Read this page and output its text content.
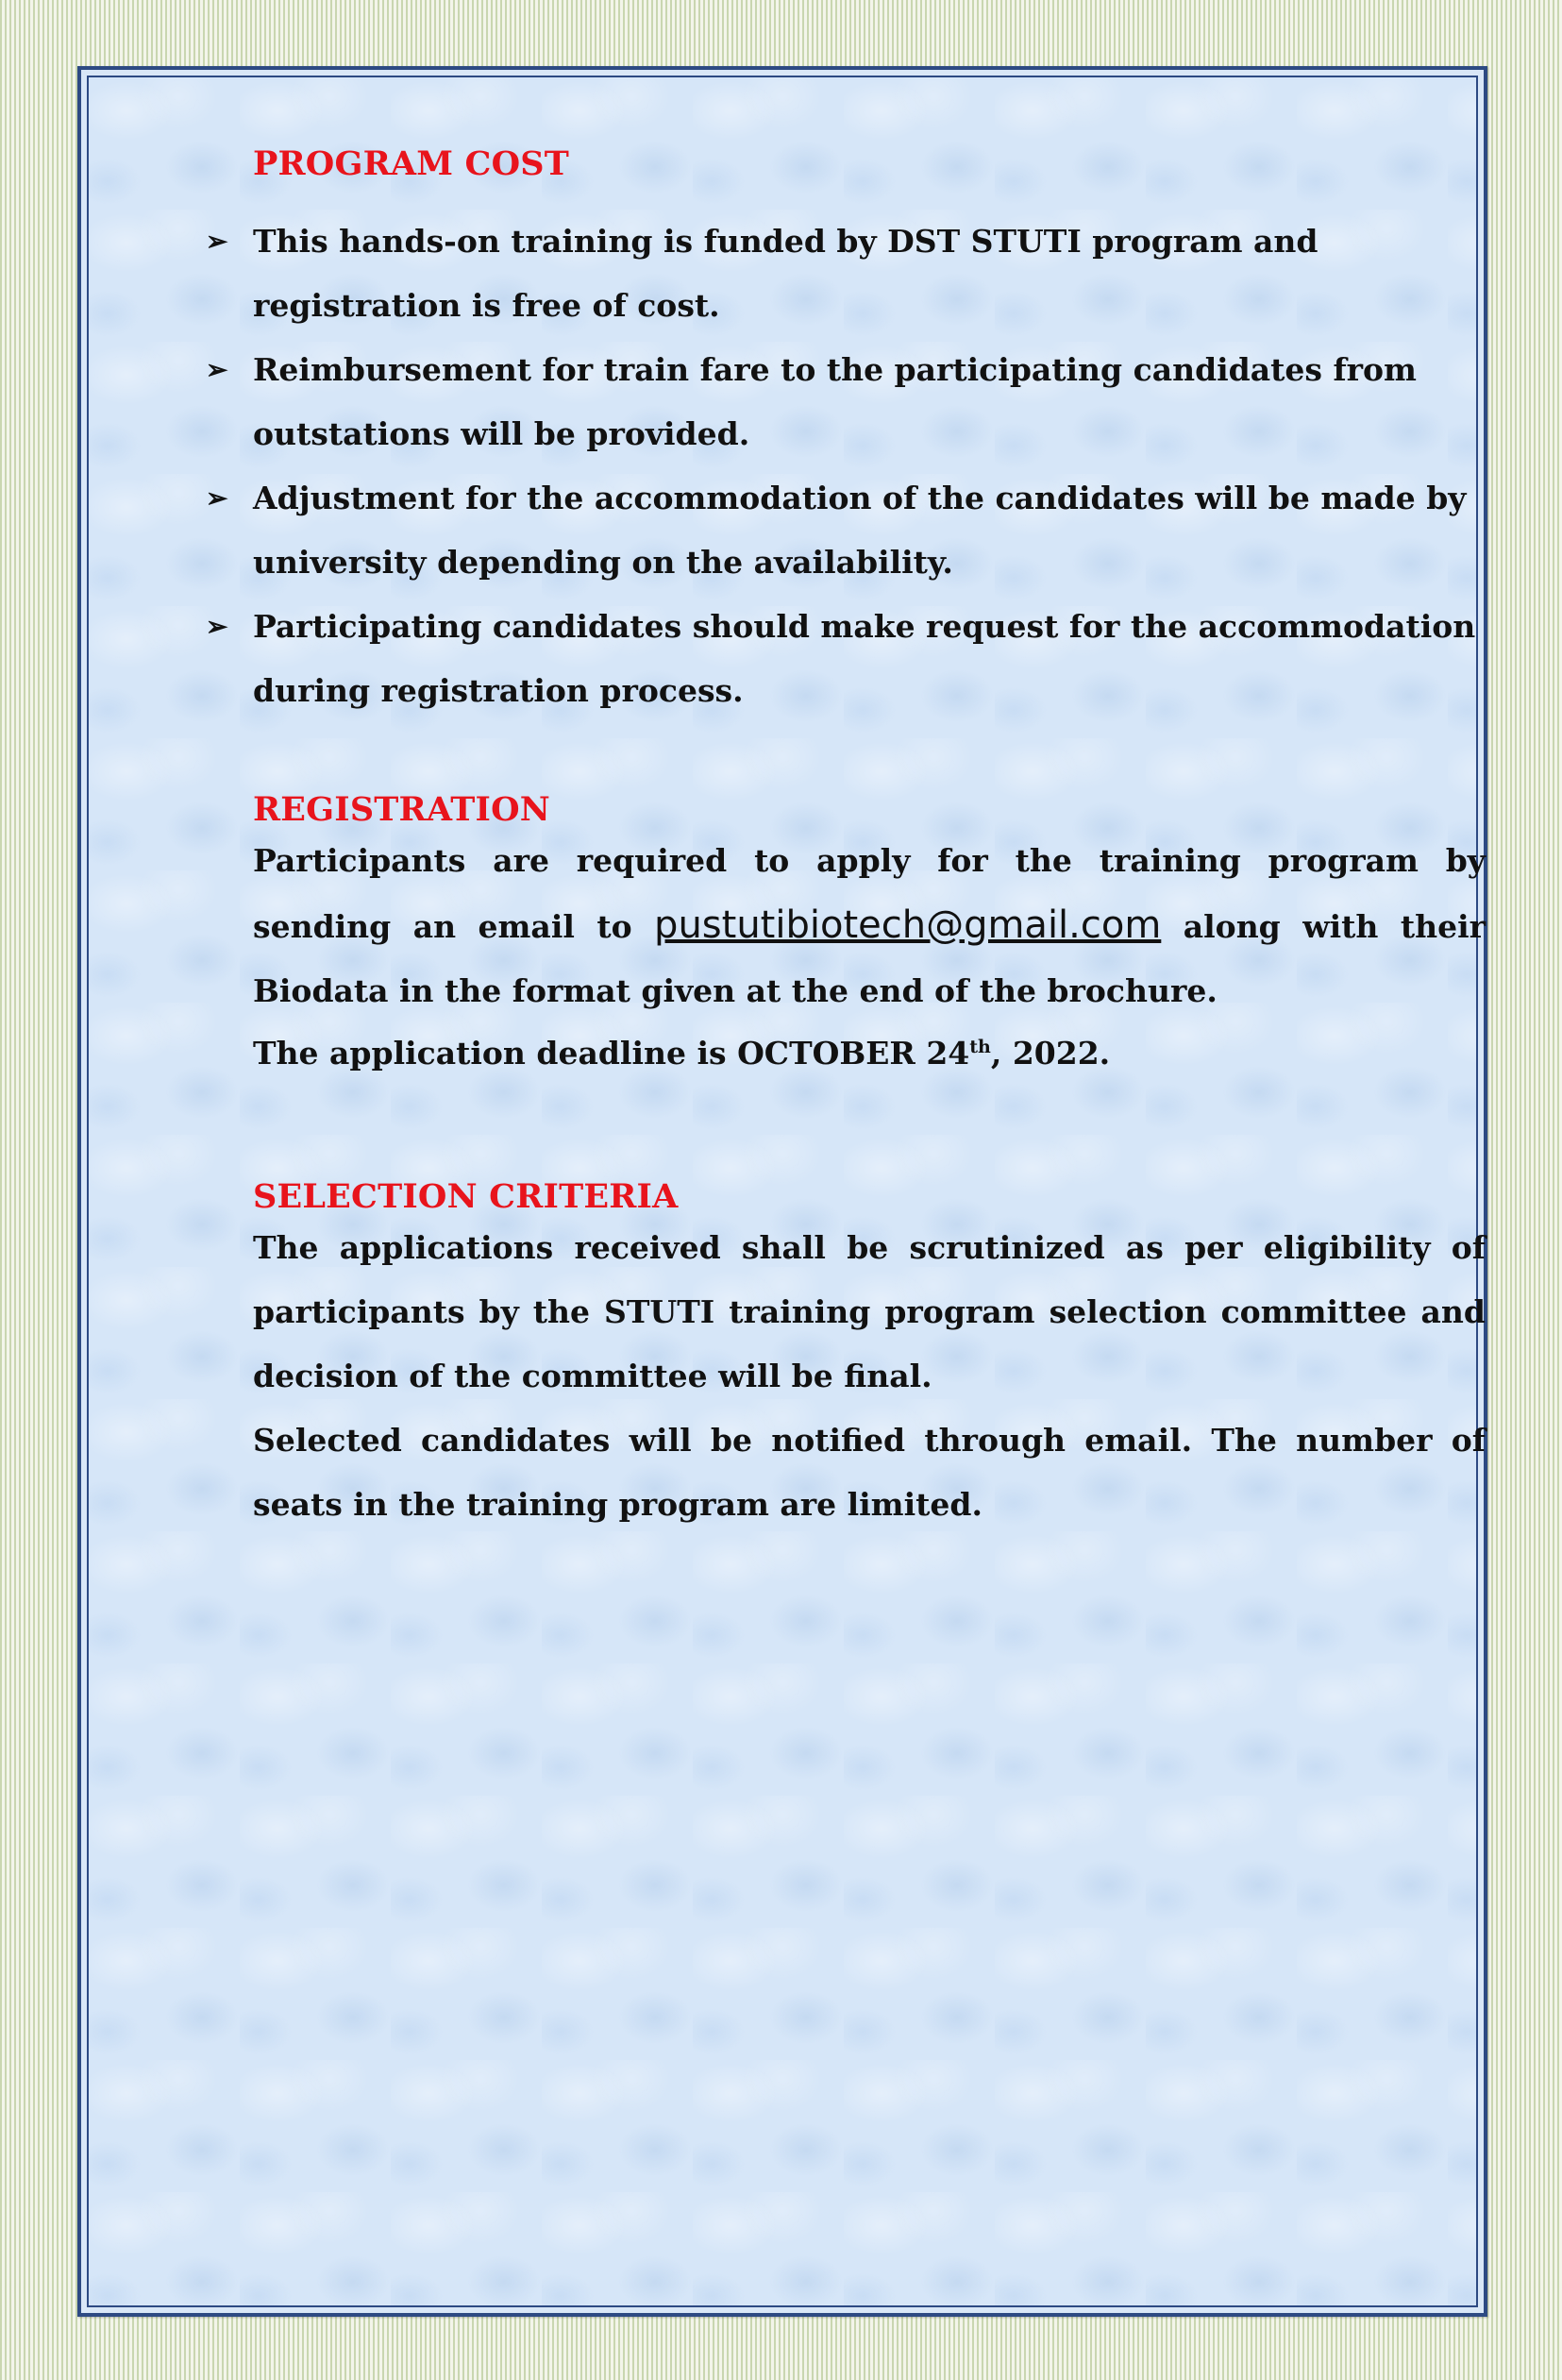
PROGRAM COST
➢ This hands-on training is funded by DST STUTI program and
registration is free of cost.
➢ Reimbursement for train fare to the participating candidates from
outstations will be provided.
➢ Adjustment for the accommodation of the candidates will be made by
university depending on the availability.
➢ Participating candidates should make request for the accommodation
during registration process.
REGISTRATION

Participants are required to apply for the training program by sending an email to pustutibiotech@gmail.com along with their Biodata in the format given at the end of the brochure.

The application deadline is OCTOBER 24th, 2022.

SELECTION CRITERIA

The applications received shall be scrutinized as per eligibility of participants by the STUTI training program selection committee and decision of the committee will be final.

Selected candidates will be notified through email. The number of seats in the training program are limited.
